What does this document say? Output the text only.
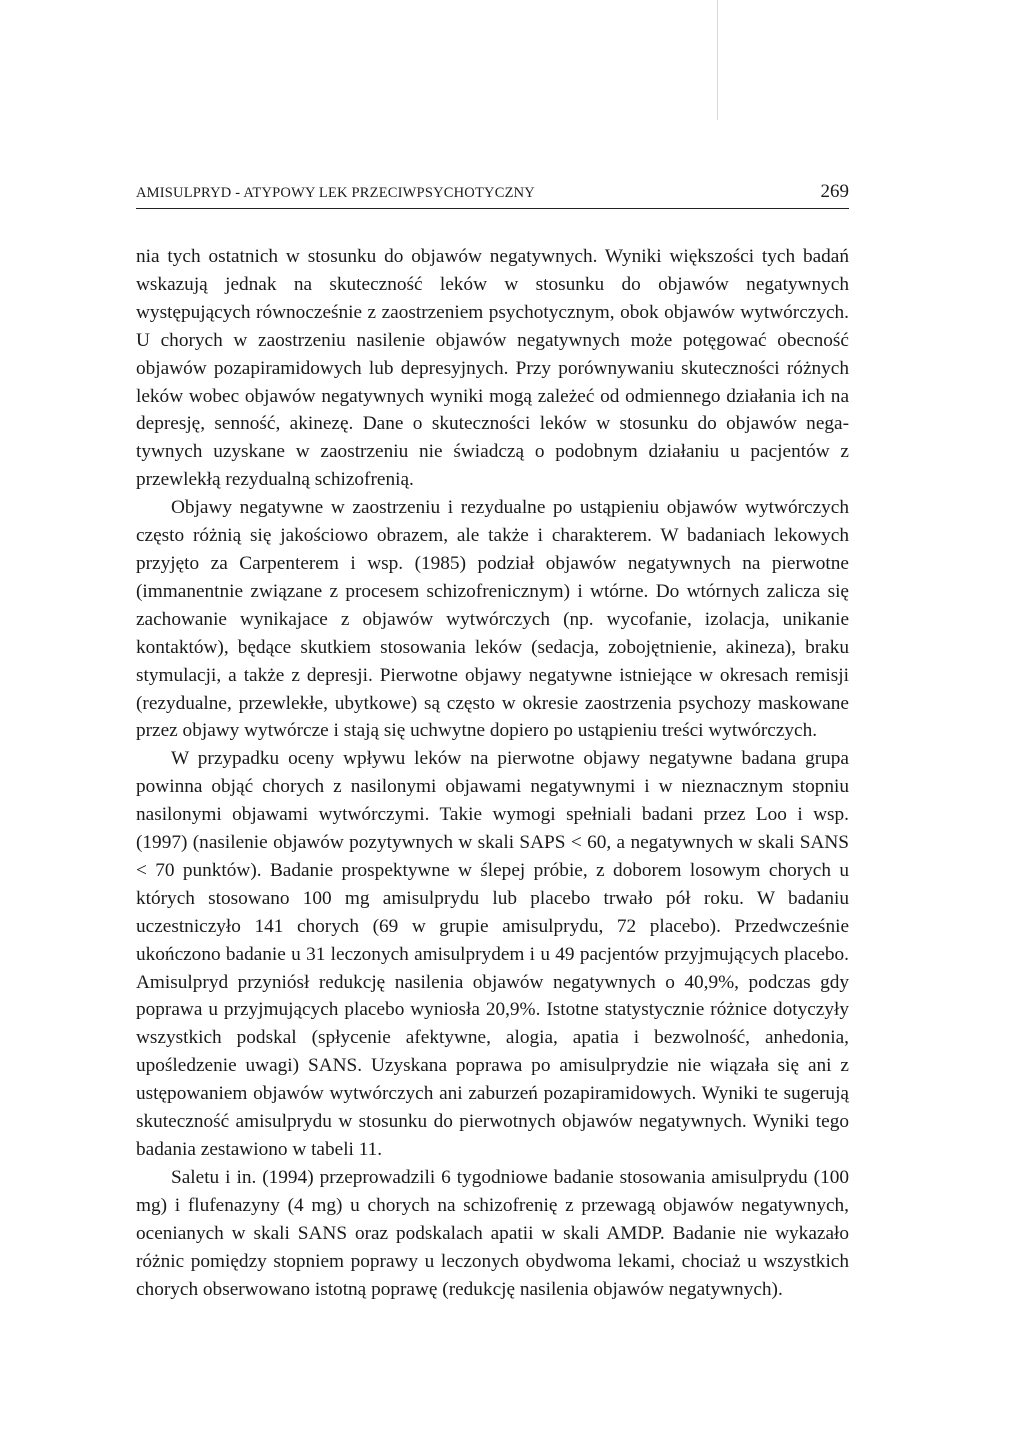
AMISULPRYD - ATYPOWY LEK PRZECIWPSYCHOTYCZNY	269

nia tych ostatnich w stosunku do objawów negatywnych. Wyniki większości tych badań wskazują jednak na skuteczność leków w stosunku do objawów negatywnych występujących równocześnie z zaostrzeniem psychotycznym, obok objawów wytwórczych. U chorych w zaostrzeniu nasilenie objawów negatywnych może potęgować obecność objawów pozapiramidowych lub depresyjnych. Przy porównywaniu skuteczności różnych leków wobec objawów negatywnych wyniki mogą zależeć od odmiennego działania ich na depresję, senność, akinezę. Dane o skuteczności leków w stosunku do objawów negatywnych uzyskane w zaostrzeniu nie świadczą o podobnym działaniu u pacjentów z przewlekłą rezydualną schizofrenią.

Objawy negatywne w zaostrzeniu i rezydualne po ustąpieniu objawów wytwórczych często różnią się jakościowo obrazem, ale także i charakterem. W badaniach lekowych przyjęto za Carpenterem i wsp. (1985) podział objawów negatywnych na pierwotne (immanentnie związane z procesem schizofrenicznym) i wtórne. Do wtórnych zalicza się zachowanie wynikajace z objawów wytwórczych (np. wycofanie, izolacja, unikanie kontaktów), będące skutkiem stosowania leków (sedacja, zobojętnienie, akineza), braku stymulacji, a także z depresji. Pierwotne objawy negatywne istniejące w okresach remisji (rezydualne, przewlekłe, ubytkowe) są często w okresie zaostrzenia psychozy maskowane przez objawy wytwórcze i stają się uchwytne dopiero po ustąpieniu treści wytwórczych.

W przypadku oceny wpływu leków na pierwotne objawy negatywne badana grupa powinna objąć chorych z nasilonymi objawami negatywnymi i w nieznacznym stopniu nasilonymi objawami wytwórczymi. Takie wymogi spełniali badani przez Loo i wsp. (1997) (nasilenie objawów pozytywnych w skali SAPS < 60, a negatywnych w skali SANS < 70 punktów). Badanie prospektywne w ślepej próbie, z doborem losowym chorych u których stosowano 100 mg amisulprydu lub placebo trwało pół roku. W badaniu uczestniczyło 141 chorych (69 w grupie amisulprydu, 72 placebo). Przedwcześnie ukończono badanie u 31 leczonych amisulprydem i u 49 pacjentów przyjmujących placebo. Amisulpryd przyniósł redukcję nasilenia objawów negatywnych o 40,9%, podczas gdy poprawa u przyjmujących placebo wyniosła 20,9%. Istotne statystycznie różnice dotyczyły wszystkich podskal (spłycenie afektywne, alogia, apatia i bezwolność, anhedonia, upośledzenie uwagi) SANS. Uzyskana poprawa po amisulprydzie nie wiązała się ani z ustępowaniem objawów wytwórczych ani zaburzeń pozapiramidowych. Wyniki te sugerują skuteczność amisulprydu w stosunku do pierwotnych objawów negatywnych. Wyniki tego badania zestawiono w tabeli 11.

Saletu i in. (1994) przeprowadzili 6 tygodniowe badanie stosowania amisulprydu (100 mg) i flufenazyny (4 mg) u chorych na schizofrenię z przewagą objawów negatywnych, ocenianych w skali SANS oraz podskalach apatii w skali AMDP. Badanie nie wykazało różnic pomiędzy stopniem poprawy u leczonych obydwoma lekami, chociaż u wszystkich chorych obserwowano istotną poprawę (redukcję nasilenia objawów negatywnych).
